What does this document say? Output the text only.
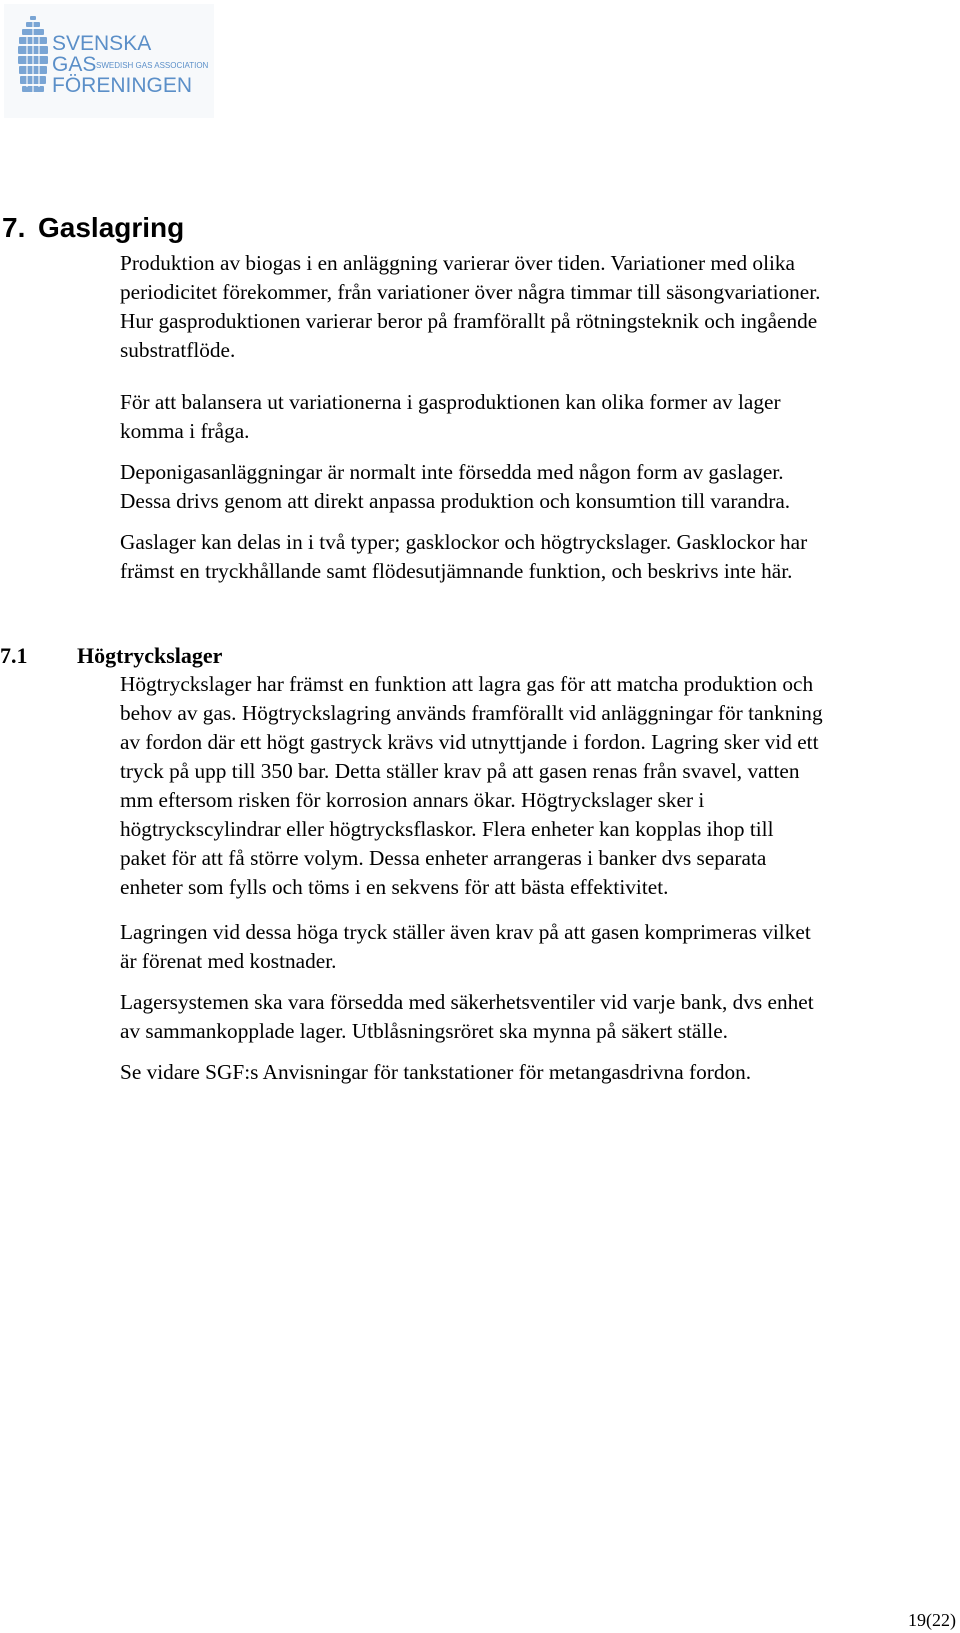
SVENSKA
GAS SWEDISH GAS ASSOCIATION
FÖRENINGEN
7. Gaslagring
Produktion av biogas i en anläggning varierar över tiden. Variationer med olika
periodicitet förekommer, från variationer över några timmar till säsongvariationer.
Hur gasproduktionen varierar beror på framförallt på rötningsteknik och ingående
substratflöde.
För att balansera ut variationerna i gasproduktionen kan olika former av lager
komma i fråga.
Deponigasanläggningar är normalt inte försedda med någon form av gaslager.
Dessa drivs genom att direkt anpassa produktion och konsumtion till varandra.
Gaslager kan delas in i två typer; gasklockor och högtryckslager. Gasklockor har
främst en tryckhållande samt flödesutjämnande funktion, och beskrivs inte här.
7.1 Högtryckslager
Högtryckslager har främst en funktion att lagra gas för att matcha produktion och
behov av gas. Högtryckslagring används framförallt vid anläggningar för tankning
av fordon där ett högt gastryck krävs vid utnyttjande i fordon. Lagring sker vid ett
tryck på upp till 350 bar. Detta ställer krav på att gasen renas från svavel, vatten
mm eftersom risken för korrosion annars ökar. Högtryckslager sker i
högtryckscylindrar eller högtrycksflaskor. Flera enheter kan kopplas ihop till
paket för att få större volym. Dessa enheter arrangeras i banker dvs separata
enheter som fylls och töms i en sekvens för att bästa effektivitet.
Lagringen vid dessa höga tryck ställer även krav på att gasen komprimeras vilket
är förenat med kostnader.
Lagersystemen ska vara försedda med säkerhetsventiler vid varje bank, dvs enhet
av sammankopplade lager. Utblåsningsröret ska mynna på säkert ställe.
Se vidare SGF:s Anvisningar för tankstationer för metangasdrivna fordon.
19(22)
